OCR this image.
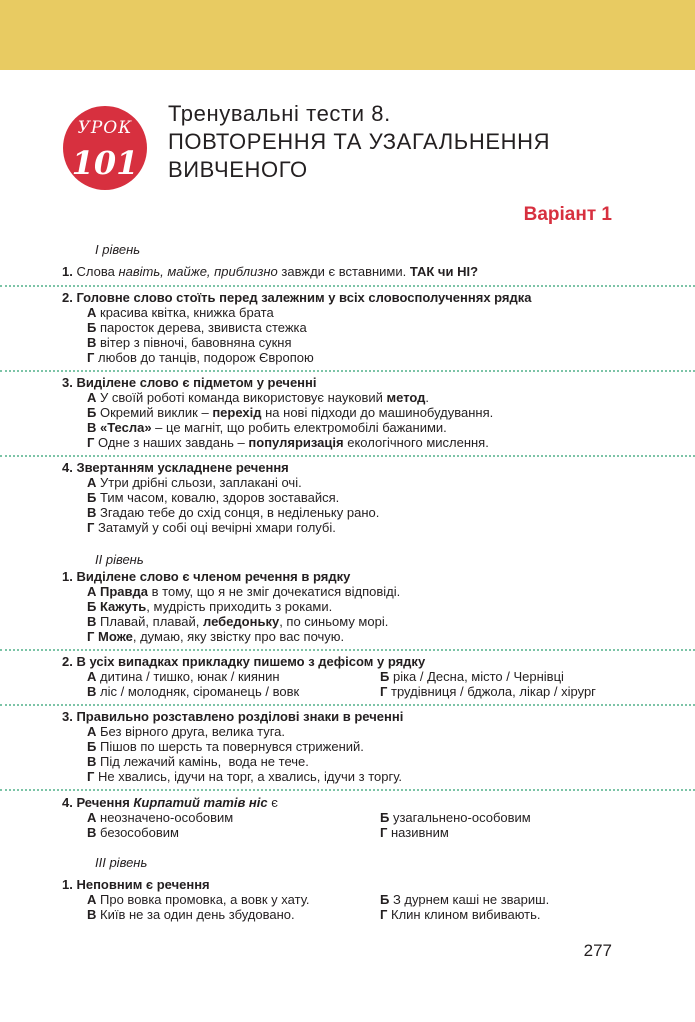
УРОК
101
Тренувальні тести 8.
ПОВТОРЕННЯ ТА УЗАГАЛЬНЕННЯ
ВИВЧЕНОГО
Варіант 1
І рівень
1. Слова навіть, майже, приблизно завжди є вставними. ТАК чи НІ?
2. Головне слово стоїть перед залежним у всіх словосполученнях рядка
А красива квітка, книжка брата
Б паросток дерева, звивиста стежка
В вітер з півночі, бавовняна сукня
Г любов до танців, подорож Європою
3. Виділене слово є підметом у реченні
А У своїй роботі команда використовує науковий метод.
Б Окремий виклик – перехід на нові підходи до машинобудування.
В «Тесла» – це магніт, що робить електромобілі бажаними.
Г Одне з наших завдань – популяризація екологічного мислення.
4. Звертанням ускладнене речення
А Утри дрібні сльози, заплакані очі.
Б Тим часом, ковалю, здоров зоставайся.
В Згадаю тебе до схід сонця, в неділеньку рано.
Г Затамуй у собі оці вечірні хмари голубі.
ІІ рівень
1. Виділене слово є членом речення в рядку
А Правда в тому, що я не зміг дочекатися відповіді.
Б Кажуть, мудрість приходить з роками.
В Плавай, плавай, лебедоньку, по синьому морі.
Г Може, думаю, яку звістку про вас почую.
2. В усіх випадках прикладку пишемо з дефісом у рядку
А дитина / тишко, юнак / киянин	Б ріка / Десна, місто / Чернівці
В ліс / молодняк, сіроманець / вовк	Г трудівниця / бджола, лікар / хірург
3. Правильно розставлено розділові знаки в реченні
А Без вірного друга, велика туга.
Б Пішов по шерсть та повернувся стрижений.
В Під лежачий камінь,  вода не тече.
Г Не хвались, ідучи на торг, а хвались, ідучи з торгу.
4. Речення Кирпатий татів ніс є
А неозначено-особовим	Б узагальнено-особовим
В безособовим	Г називним
ІІІ рівень
1. Неповним є речення
А Про вовка промовка, а вовк у хату.	Б З дурнем каші не звариш.
В Київ не за один день збудовано.	Г Клин клином вибивають.
277
